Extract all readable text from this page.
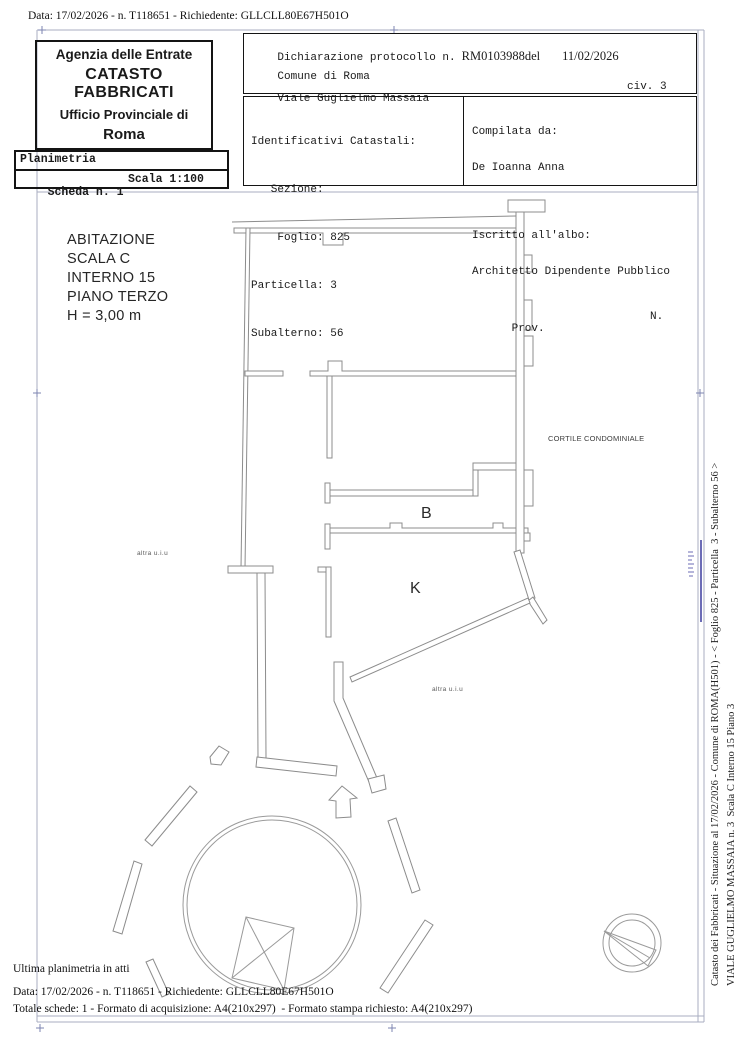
Data: 17/02/2026 - n. T118651 - Richiedente: GLLCLL80E67H501O
Agenzia delle Entrate
CATASTO FABBRICATI
Ufficio Provinciale di
Roma
Planimetria

Scheda n. 1

Scala 1:100

Dichiarazione protocollo n. RM0103988del 11/02/2026

Comune di Roma

Viale Guglielmo Massaia

civ. 3

Identificativi Catastali:

Sezione:

Foglio: 825

Particella: 3

Subalterno: 56

Compilata da:

De Ioanna Anna

Iscritto all'albo:

Architetto Dipendente Pubblico

Prov.

N.

ABITAZIONE
SCALA C
INTERNO 15
PIANO TERZO
H = 3,00 m
B
K
CORTILE CONDOMINIALE
altra u.i.u
altra u.i.u
Ultima planimetria in atti
Data: 17/02/2026 - n. T118651 - Richiedente: GLLCLL80E67H501O
Totale schede: 1 - Formato di acquisizione: A4(210x297)  - Formato stampa richiesto: A4(210x297)
Catasto dei Fabbricati - Situazione al 17/02/2026 - Comune di ROMA(H501) - < Foglio 825 - Particella  3 - Subalterno 56 > VIALE GUGLIELMO MASSAIA n. 3  Scala C Interno 15 Piano 3
